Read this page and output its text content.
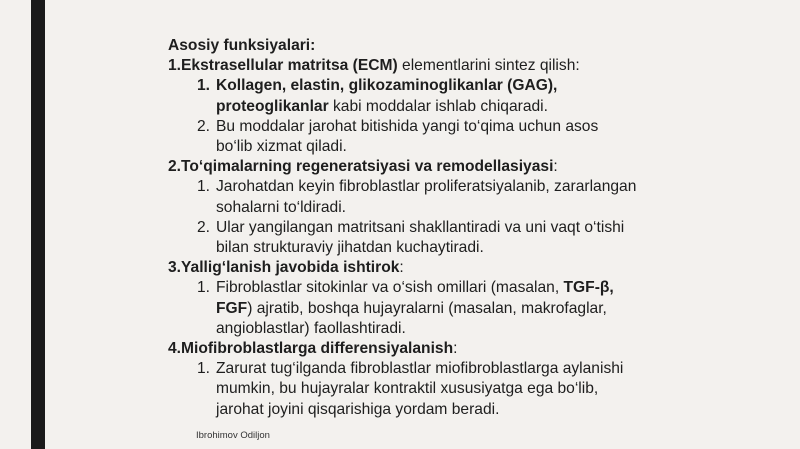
Asosiy funksiyalari:
1.Ekstrasellular matritsa (ECM) elementlarini sintez qilish:
1. Kollagen, elastin, glikozaminoglikanlar (GAG), proteoglikanlar kabi moddalar ishlab chiqaradi.
2. Bu moddalar jarohat bitishida yangi to‘qima uchun asos bo‘lib xizmat qiladi.
2.To‘qimalarning regeneratsiyasi va remodellasiyasi:
1. Jarohatdan keyin fibroblastlar proliferatsiyalanib, zararlangan sohalarni to‘ldiradi.
2. Ular yangilangan matritsani shakllantiradi va uni vaqt o‘tishi bilan strukturaviy jihatdan kuchaytiradi.
3.Yallig‘lanish javobida ishtirok:
1. Fibroblastlar sitokinlar va o‘sish omillari (masalan, TGF-β, FGF) ajratib, boshqa hujayralarni (masalan, makrofaglar, angioblastlar) faollashtiradi.
4.Miofibroblastlarga differensiyalanish:
1. Zarurat tug‘ilganda fibroblastlar miofibroblastlarga aylanishi mumkin, bu hujayralar kontraktil xususiyatga ega bo‘lib, jarohat joyini qisqarishiga yordam beradi.
Ibrohimov Odiljon
